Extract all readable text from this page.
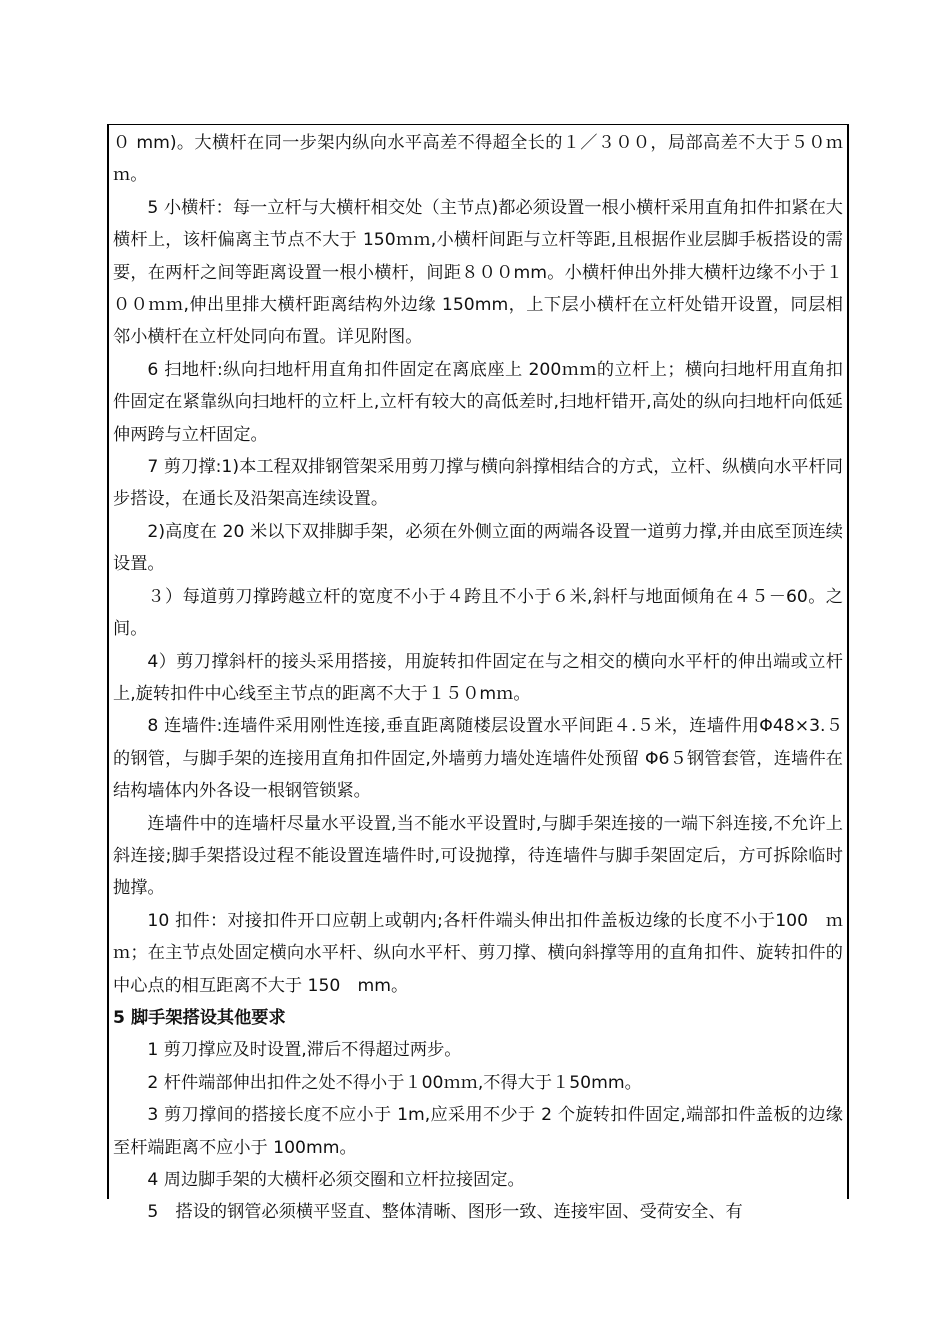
０ mm)。大横杆在同一步架内纵向水平高差不得超全长的１／３００，局部高差不大于５０ｍｍ。

5 小横杆：每一立杆与大横杆相交处（主节点)都必须设置一根小横杆采用直角扣件扣紧在大横杆上，该杆偏离主节点不大于 150ｍｍ,小横杆间距与立杆等距,且根据作业层脚手板搭设的需要，在两杆之间等距离设置一根小横杆，间距８００mm。小横杆伸出外排大横杆边缘不小于１００ｍｍ,伸出里排大横杆距离结构外边缘 150mm，上下层小横杆在立杆处错开设置，同层相邻小横杆在立杆处同向布置。详见附图。

6 扫地杆:纵向扫地杆用直角扣件固定在离底座上 200ｍｍ的立杆上；横向扫地杆用直角扣件固定在紧靠纵向扫地杆的立杆上,立杆有较大的高低差时,扫地杆错开,高处的纵向扫地杆向低延伸两跨与立杆固定。

7 剪刀撑:1)本工程双排钢管架采用剪刀撑与横向斜撑相结合的方式，立杆、纵横向水平杆同步搭设，在通长及沿架高连续设置。

2)高度在 20 米以下双排脚手架，必须在外侧立面的两端各设置一道剪力撑,并由底至顶连续设置。

３）每道剪刀撑跨越立杆的宽度不小于４跨且不小于６米,斜杆与地面倾角在４５－60。之间。

4）剪刀撑斜杆的接头采用搭接，用旋转扣件固定在与之相交的横向水平杆的伸出端或立杆上,旋转扣件中心线至主节点的距离不大于１５０mｍ。

8 连墙件:连墙件采用刚性连接,垂直距离随楼层设置水平间距４.５米，连墙件用Φ48×3.５的钢管，与脚手架的连接用直角扣件固定,外墙剪力墙处连墙件处预留 Φ6５钢管套管，连墙件在结构墙体内外各设一根钢管锁紧。

连墙件中的连墙杆尽量水平设置,当不能水平设置时,与脚手架连接的一端下斜连接,不允许上斜连接;脚手架搭设过程不能设置连墙件时,可设抛撑，待连墙件与脚手架固定后，方可拆除临时抛撑。

10 扣件：对接扣件开口应朝上或朝内;各杆件端头伸出扣件盖板边缘的长度不小于100　ｍｍ；在主节点处固定横向水平杆、纵向水平杆、剪刀撑、横向斜撑等用的直角扣件、旋转扣件的中心点的相互距离不大于 150　mm。

5 脚手架搭设其他要求

1 剪刀撑应及时设置,滞后不得超过两步。

2 杆件端部伸出扣件之处不得小于１00ｍｍ,不得大于１50mm。

3 剪刀撑间的搭接长度不应小于 1m,应采用不少于 2 个旋转扣件固定,端部扣件盖板的边缘至杆端距离不应小于 100mm。

4 周边脚手架的大横杆必须交圈和立杆拉接固定。

5　搭设的钢管必须横平竖直、整体清晰、图形一致、连接牢固、受荷安全、有
